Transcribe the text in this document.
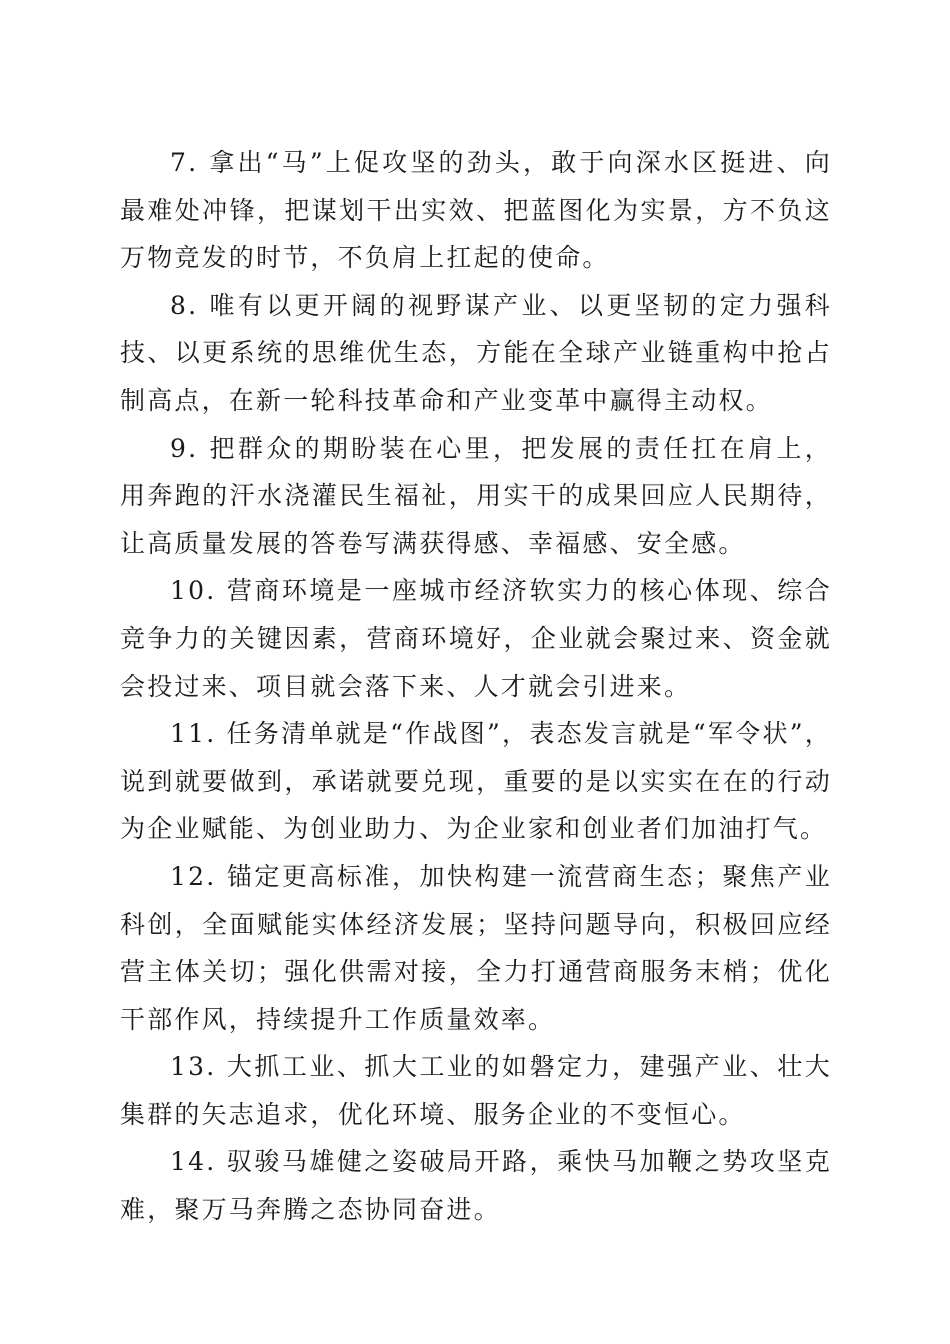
7. 拿出“马”上促攻坚的劲头，敢于向深水区挺进、向最难处冲锋，把谋划干出实效、把蓝图化为实景，方不负这万物竞发的时节，不负肩上扛起的使命。

8. 唯有以更开阔的视野谋产业、以更坚韧的定力强科技、以更系统的思维优生态，方能在全球产业链重构中抢占制高点，在新一轮科技革命和产业变革中赢得主动权。

9. 把群众的期盼装在心里，把发展的责任扛在肩上，用奔跑的汗水浇灌民生福祉，用实干的成果回应人民期待，让高质量发展的答卷写满获得感、幸福感、安全感。

10. 营商环境是一座城市经济软实力的核心体现、综合竞争力的关键因素，营商环境好，企业就会聚过来、资金就会投过来、项目就会落下来、人才就会引进来。

11. 任务清单就是“作战图”，表态发言就是“军令状”，说到就要做到，承诺就要兑现，重要的是以实实在在的行动为企业赋能、为创业助力、为企业家和创业者们加油打气。

12. 锚定更高标准，加快构建一流营商生态；聚焦产业科创，全面赋能实体经济发展；坚持问题导向，积极回应经营主体关切；强化供需对接，全力打通营商服务末梢；优化干部作风，持续提升工作质量效率。

13. 大抓工业、抓大工业的如磐定力，建强产业、壮大集群的矢志追求，优化环境、服务企业的不变恒心。

14. 驭骏马雄健之姿破局开路，乘快马加鞭之势攻坚克难，聚万马奔腾之态协同奋进。
